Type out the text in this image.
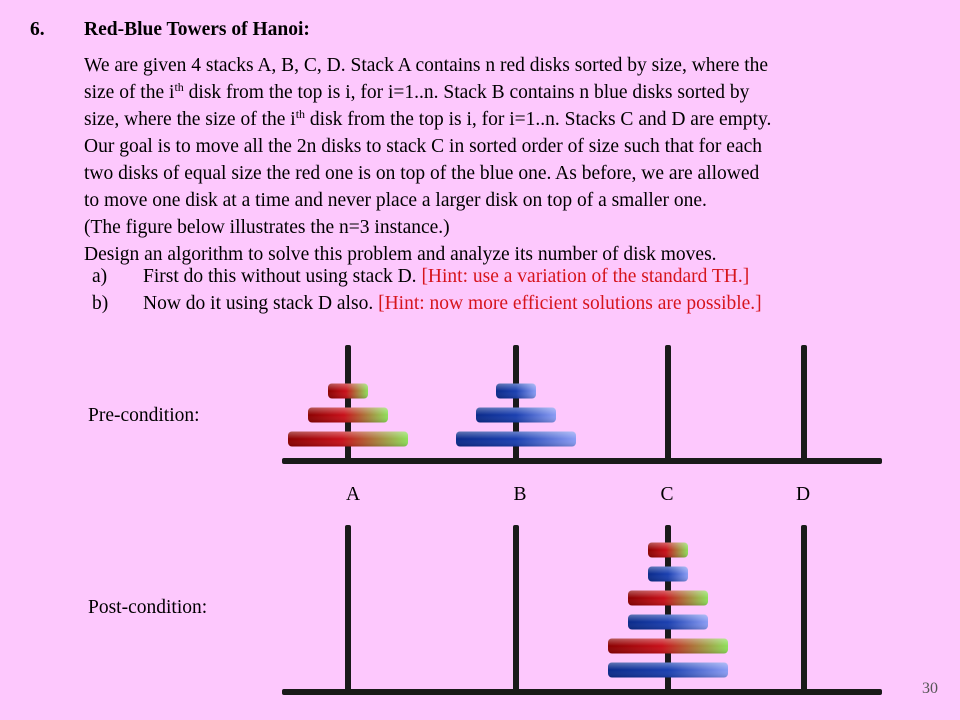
6. Red-Blue Towers of Hanoi:
We are given 4 stacks A, B, C, D. Stack A contains n red disks sorted by size, where the
size of the $i^{th}$ disk from the top is i, for i=1..n. Stack B contains n blue disks sorted by
size, where the size of the $i^{th}$ disk from the top is i, for i=1..n. Stacks C and D are empty.
Our goal is to move all the 2n disks to stack C in sorted order of size such that for each
two disks of equal size the red one is on top of the blue one. As before, we are allowed
to move one disk at a time and never place a larger disk on top of a smaller one.
(The figure below illustrates the n=3 instance.)
Design an algorithm to solve this problem and analyze its number of disk moves.
a) First do this without using stack D. [Hint: use a variation of the standard TH.]
b) Now do it using stack D also. [Hint: now more efficient solutions are possible.]
Pre-condition:
Post-condition:
A	B	C	D
30
